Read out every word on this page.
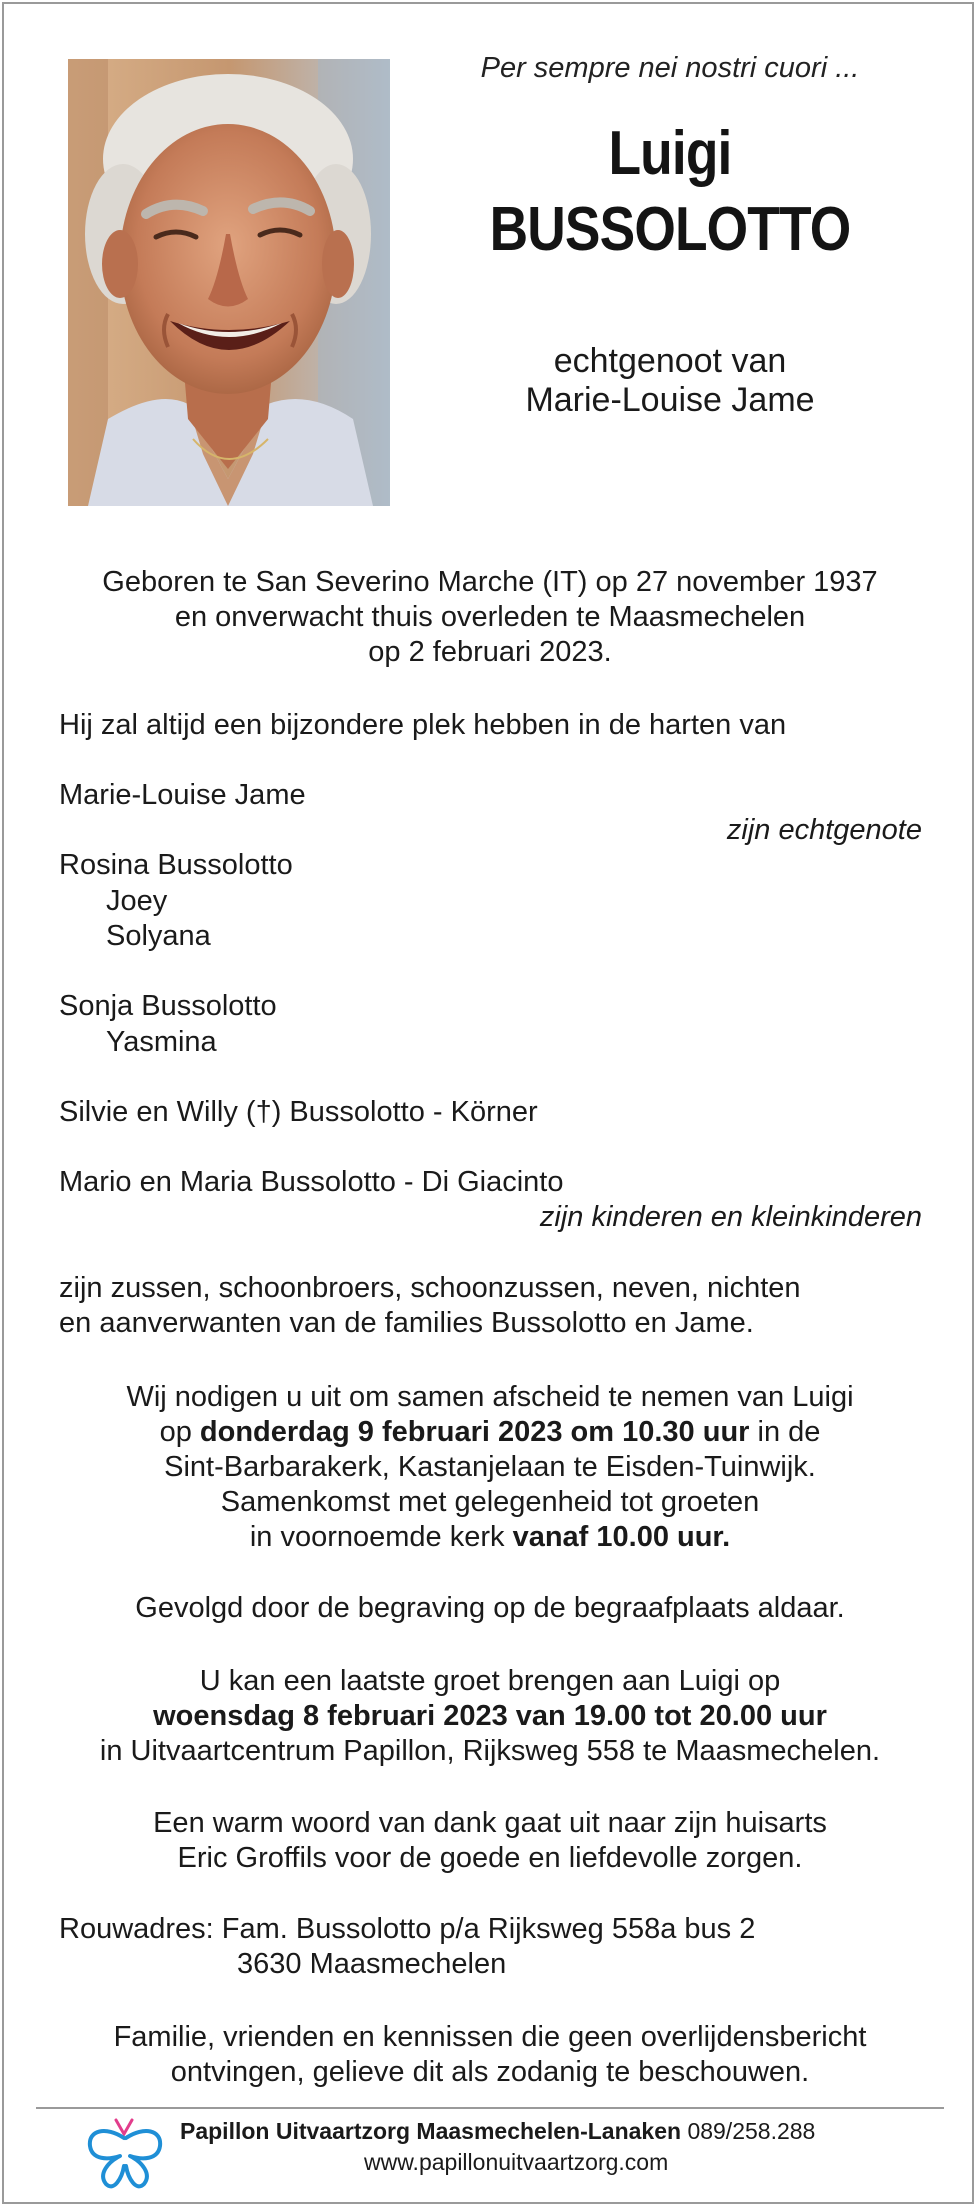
Per sempre nei nostri cuori ...
Luigi
BUSSOLOTTO
echtgenoot van
Marie-Louise Jame
Geboren te San Severino Marche (IT) op 27 november 1937
en onverwacht thuis overleden te Maasmechelen
op 2 februari 2023.
Hij zal altijd een bijzondere plek hebben in de harten van
Marie-Louise Jame
zijn echtgenote
Rosina Bussolotto
Joey
Solyana
Sonja Bussolotto
Yasmina
Silvie en Willy (†) Bussolotto - Körner
Mario en Maria Bussolotto - Di Giacinto
zijn kinderen en kleinkinderen
zijn zussen, schoonbroers, schoonzussen, neven, nichten
en aanverwanten van de families Bussolotto en Jame.
Wij nodigen u uit om samen afscheid te nemen van Luigi
op donderdag 9 februari 2023 om 10.30 uur in de
Sint-Barbarakerk, Kastanjelaan te Eisden-Tuinwijk.
Samenkomst met gelegenheid tot groeten
in voornoemde kerk vanaf 10.00 uur.
Gevolgd door de begraving op de begraafplaats aldaar.
U kan een laatste groet brengen aan Luigi op
woensdag 8 februari 2023 van 19.00 tot 20.00 uur
in Uitvaartcentrum Papillon, Rijksweg 558 te Maasmechelen.
Een warm woord van dank gaat uit naar zijn huisarts
Eric Groffils voor de goede en liefdevolle zorgen.
Rouwadres: Fam. Bussolotto p/a Rijksweg 558a bus 2
3630 Maasmechelen
Familie, vrienden en kennissen die geen overlijdensbericht
ontvingen, gelieve dit als zodanig te beschouwen.
Papillon Uitvaartzorg Maasmechelen-Lanaken 089/258.288
www.papillonuitvaartzorg.com
